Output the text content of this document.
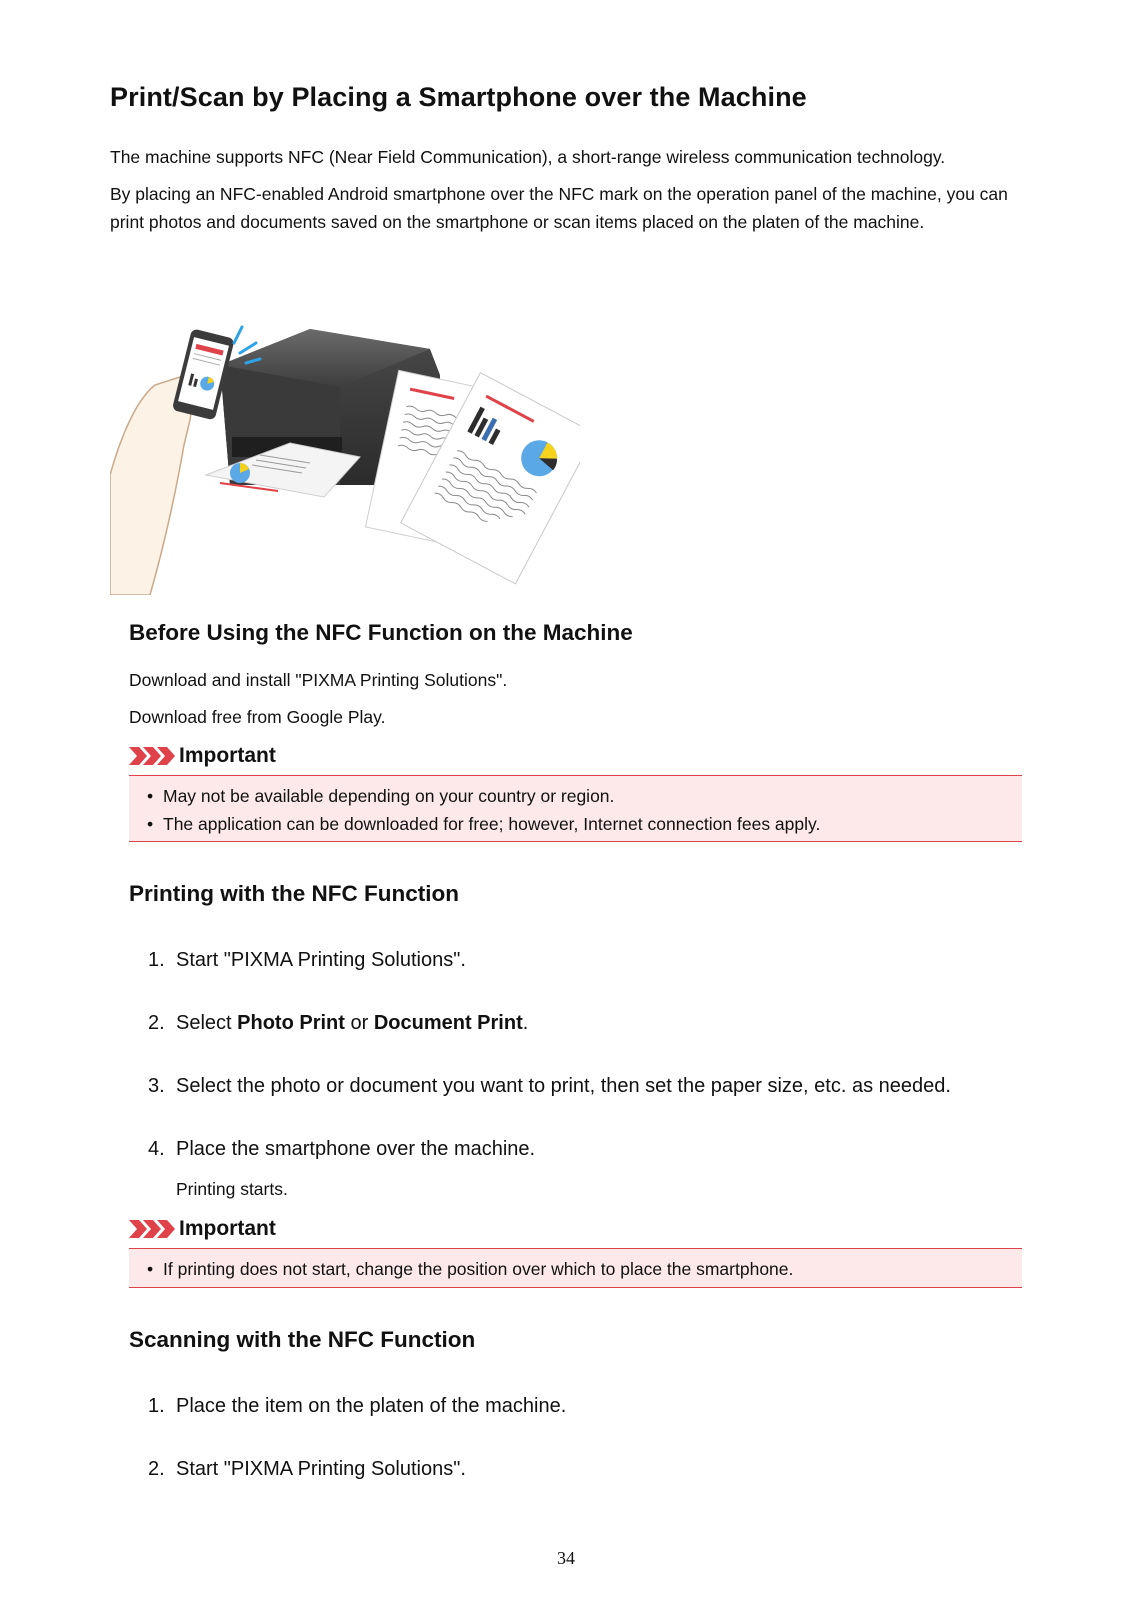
Print/Scan by Placing a Smartphone over the Machine

The machine supports NFC (Near Field Communication), a short-range wireless communication technology.

By placing an NFC-enabled Android smartphone over the NFC mark on the operation panel of the machine, you can print photos and documents saved on the smartphone or scan items placed on the platen of the machine.

Before Using the NFC Function on the Machine

Download and install "PIXMA Printing Solutions".

Download free from Google Play.

Important
• May not be available depending on your country or region.
• The application can be downloaded for free; however, Internet connection fees apply.
Printing with the NFC Function

1. Start "PIXMA Printing Solutions".

2. Select Photo Print or Document Print.

3. Select the photo or document you want to print, then set the paper size, etc. as needed.

4. Place the smartphone over the machine.

Printing starts.

Important
• If printing does not start, change the position over which to place the smartphone.
Scanning with the NFC Function

1. Place the item on the platen of the machine.

2. Start "PIXMA Printing Solutions".

34
